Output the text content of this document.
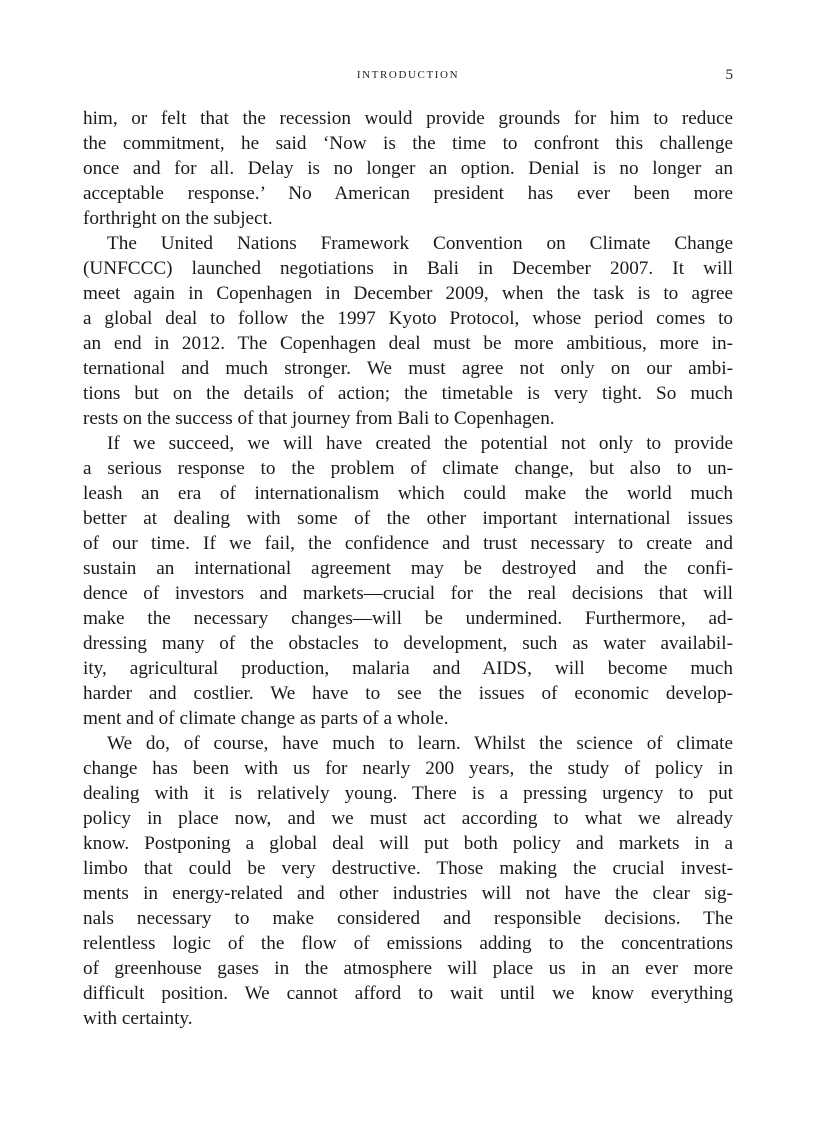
INTRODUCTION	5
him, or felt that the recession would provide grounds for him to reduce
the commitment, he said ‘Now is the time to confront this challenge
once and for all. Delay is no longer an option. Denial is no longer an
acceptable response.’ No American president has ever been more
forthright on the subject.
The United Nations Framework Convention on Climate Change
(UNFCCC) launched negotiations in Bali in December 2007. It will
meet again in Copenhagen in December 2009, when the task is to agree
a global deal to follow the 1997 Kyoto Protocol, whose period comes to
an end in 2012. The Copenhagen deal must be more ambitious, more in-
ternational and much stronger. We must agree not only on our ambi-
tions but on the details of action; the timetable is very tight. So much
rests on the success of that journey from Bali to Copenhagen.
If we succeed, we will have created the potential not only to provide
a serious response to the problem of climate change, but also to un-
leash an era of internationalism which could make the world much
better at dealing with some of the other important international issues
of our time. If we fail, the confidence and trust necessary to create and
sustain an international agreement may be destroyed and the confi-
dence of investors and markets—crucial for the real decisions that will
make the necessary changes—will be undermined. Furthermore, ad-
dressing many of the obstacles to development, such as water availabil-
ity, agricultural production, malaria and AIDS, will become much
harder and costlier. We have to see the issues of economic develop-
ment and of climate change as parts of a whole.
We do, of course, have much to learn. Whilst the science of climate
change has been with us for nearly 200 years, the study of policy in
dealing with it is relatively young. There is a pressing urgency to put
policy in place now, and we must act according to what we already
know. Postponing a global deal will put both policy and markets in a
limbo that could be very destructive. Those making the crucial invest-
ments in energy-related and other industries will not have the clear sig-
nals necessary to make considered and responsible decisions. The
relentless logic of the flow of emissions adding to the concentrations
of greenhouse gases in the atmosphere will place us in an ever more
difficult position. We cannot afford to wait until we know everything
with certainty.
